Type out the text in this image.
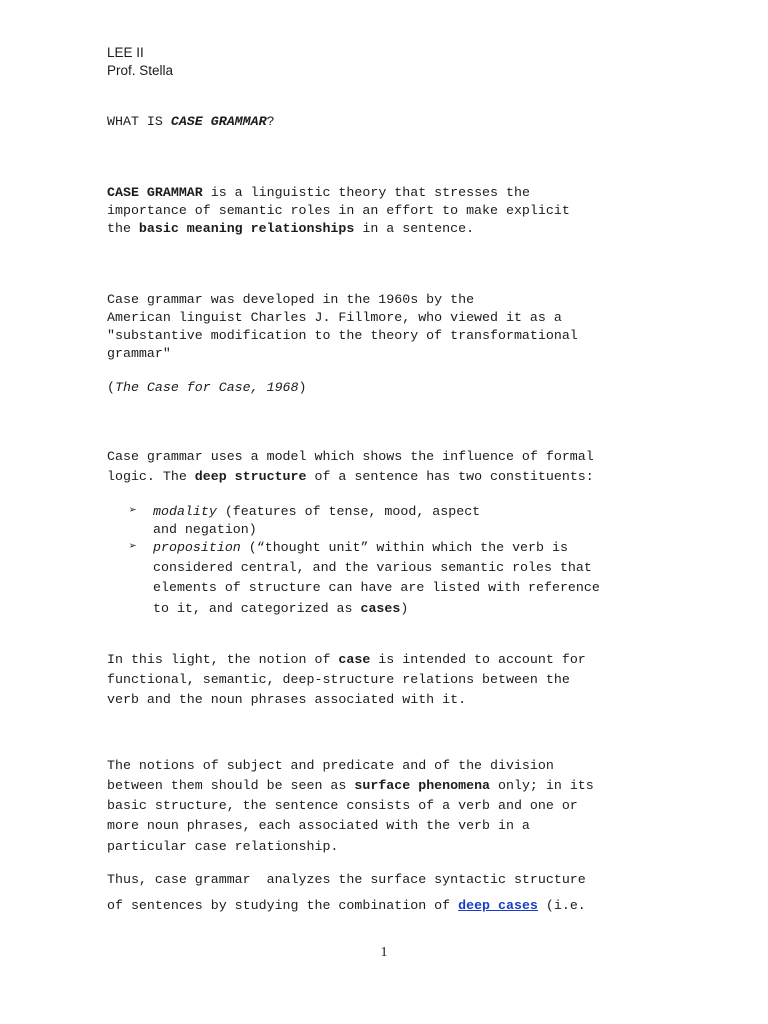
LEE II
Prof. Stella
WHAT IS CASE GRAMMAR?
CASE GRAMMAR is a linguistic theory that stresses the
importance of semantic roles in an effort to make explicit
the basic meaning relationships in a sentence.
Case grammar was developed in the 1960s by the
American linguist Charles J. Fillmore, who viewed it as a
"substantive modification to the theory of transformational
grammar"
(The Case for Case, 1968)
Case grammar uses a model which shows the influence of formal
logic. The deep structure of a sentence has two constituents:
➢ modality (features of tense, mood, aspect
and negation)
➢ proposition (“thought unit” within which the verb is
considered central, and the various semantic roles that
elements of structure can have are listed with reference
to it, and categorized as cases)
In this light, the notion of case is intended to account for
functional, semantic, deep-structure relations between the
verb and the noun phrases associated with it.
The notions of subject and predicate and of the division
between them should be seen as surface phenomena only; in its
basic structure, the sentence consists of a verb and one or
more noun phrases, each associated with the verb in a
particular case relationship.
Thus, case grammar  analyzes the surface syntactic structure
of sentences by studying the combination of deep cases (i.e.
1
